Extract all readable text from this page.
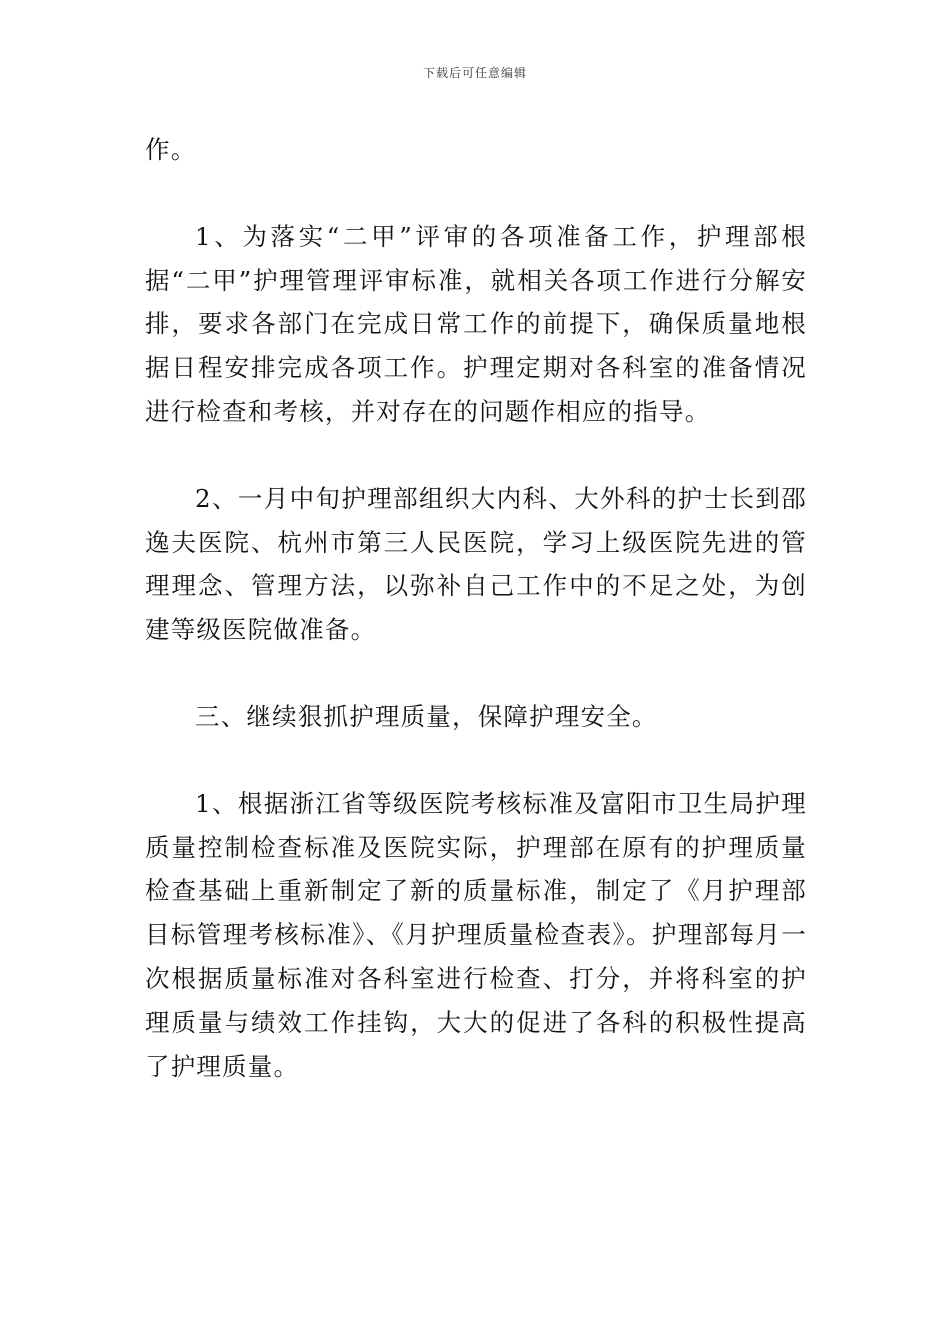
下载后可任意编辑

作。

1、为落实“二甲”评审的各项准备工作，护理部根据“二甲”护理管理评审标准，就相关各项工作进行分解安排，要求各部门在完成日常工作的前提下，确保质量地根据日程安排完成各项工作。护理定期对各科室的准备情况进行检查和考核，并对存在的问题作相应的指导。

2、一月中旬护理部组织大内科、大外科的护士长到邵逸夫医院、杭州市第三人民医院，学习上级医院先进的管理理念、管理方法，以弥补自己工作中的不足之处，为创建等级医院做准备。

三、继续狠抓护理质量，保障护理安全。

1、根据浙江省等级医院考核标准及富阳市卫生局护理质量控制检查标准及医院实际，护理部在原有的护理质量检查基础上重新制定了新的质量标准，制定了《月护理部目标管理考核标准》、《月护理质量检查表》。护理部每月一次根据质量标准对各科室进行检查、打分，并将科室的护理质量与绩效工作挂钩，大大的促进了各科的积极性提高了护理质量。
